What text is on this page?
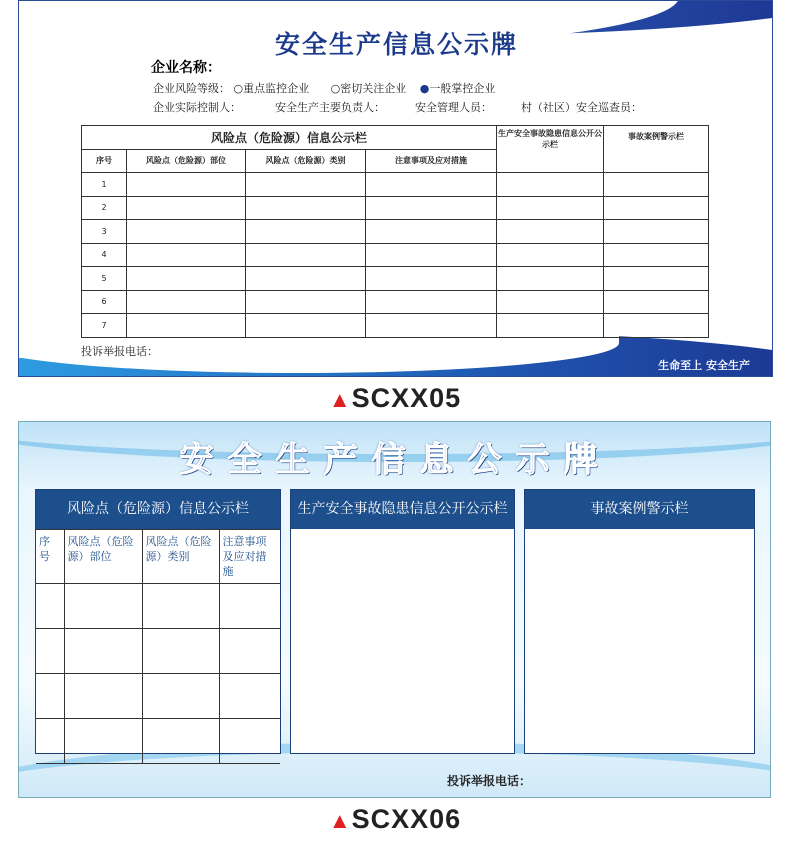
安全生产信息公示牌
企业名称：
企业风险等级： ○重点监控企业 ○密切关注企业 ●一般掌控企业
企业实际控制人：	安全生产主要负责人：	安全管理人员：	村（社区）安全巡查员：
风险点（危险源）信息公示栏				生产安全事故隐患信息公开公示栏	事故案例警示栏
序号	风险点（危险源）部位	风险点（危险源）类别	注意事项及应对措施		
1					
2					
3					
4					
5					
6					
7					
投诉举报电话：
生命至上 安全生产
▲SCXX05
安全生产信息公示牌
风险点（危险源）信息公示栏
序号	风险点（危险源）部位	风险点（危险源）类别	注意事项及应对措施

生产安全事故隐患信息公开公示栏	事故案例警示栏
投诉举报电话：
▲SCXX06
